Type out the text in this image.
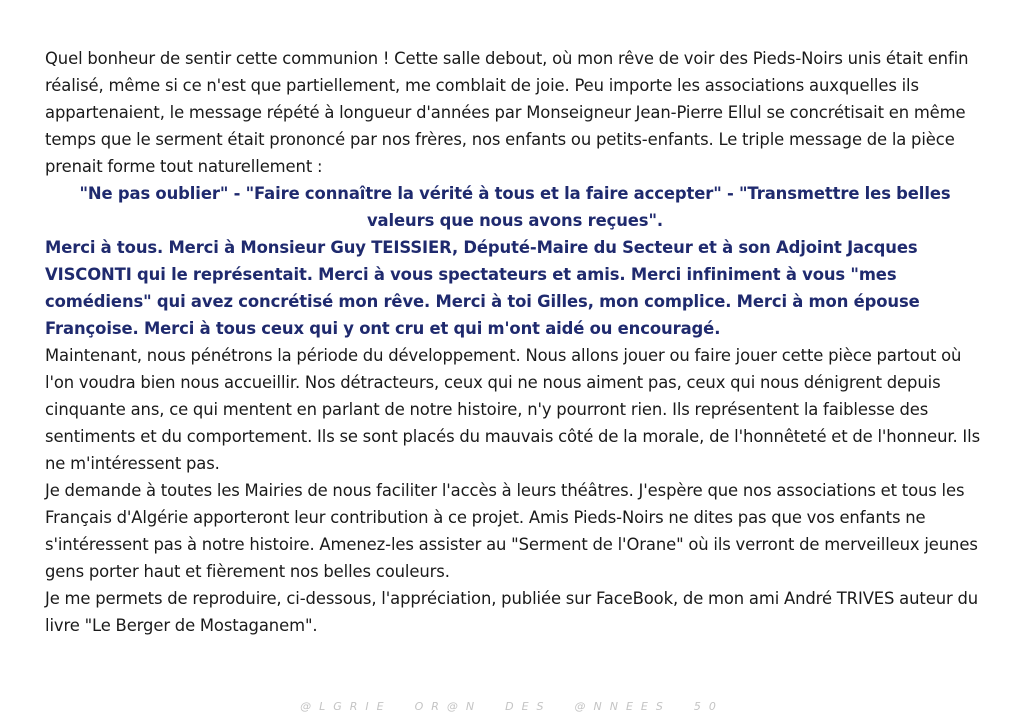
Quel bonheur de sentir cette communion ! Cette salle debout, où mon rêve de voir des Pieds-Noirs unis était enfin réalisé, même si ce n'est que partiellement, me comblait de joie. Peu importe les associations auxquelles ils appartenaient, le message répété à longueur d'années par Monseigneur Jean-Pierre Ellul se concrétisait en même temps que le serment était prononcé par nos frères, nos enfants ou petits-enfants. Le triple message de la pièce prenait forme tout naturellement :

"Ne pas oublier" - "Faire connaître la vérité à tous et la faire accepter" - "Transmettre les belles valeurs que nous avons reçues".

Merci à tous. Merci à Monsieur Guy TEISSIER, Député-Maire du Secteur et à son Adjoint Jacques VISCONTI qui le représentait. Merci à vous spectateurs et amis. Merci infiniment à vous "mes comédiens" qui avez concrétisé mon rêve. Merci à toi Gilles, mon complice. Merci à mon épouse Françoise. Merci à tous ceux qui y ont cru et qui m'ont aidé ou encouragé.

Maintenant, nous pénétrons la période du développement. Nous allons jouer ou faire jouer cette pièce partout où l'on voudra bien nous accueillir. Nos détracteurs, ceux qui ne nous aiment pas, ceux qui nous dénigrent depuis cinquante ans, ce qui mentent en parlant de notre histoire, n'y pourront rien. Ils représentent la faiblesse des sentiments et du comportement. Ils se sont placés du mauvais côté de la morale, de l'honnêteté et de l'honneur. Ils ne m'intéressent pas.

Je demande à toutes les Mairies de nous faciliter l'accès à leurs théâtres. J'espère que nos associations et tous les Français d'Algérie apporteront leur contribution à ce projet. Amis Pieds-Noirs ne dites pas que vos enfants ne s'intéressent pas à notre histoire. Amenez-les assister au "Serment de l'Orane" où ils verront de merveilleux jeunes gens porter haut et fièrement nos belles couleurs.

Je me permets de reproduire, ci-dessous, l'appréciation, publiée sur FaceBook, de mon ami André TRIVES auteur du livre "Le Berger de Mostaganem".

@LGRIE  OR@N  DES  @NNEES  50
